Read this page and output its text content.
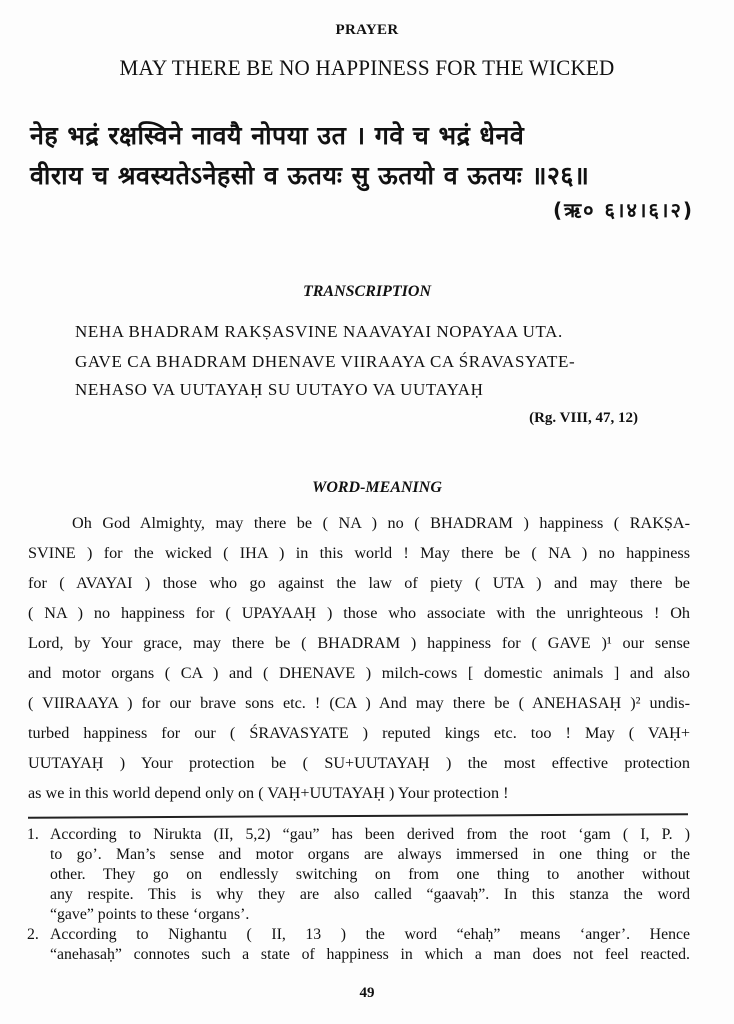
PRAYER
MAY THERE BE NO HAPPINESS FOR THE WICKED
नेह भद्रं रक्षस्विने नावयै नोपया उत । गवे च भद्रं धेनवे
वीराय च श्रवस्यतेऽनेहसो व ऊतयः सु ऊतयो व ऊतयः ॥२६॥
(ऋ० ६।४।६।२)
TRANSCRIPTION
NEHA BHADRAM RAKṢASVINE NAAVAYAI NOPAYAA UTA.
GAVE CA BHADRAM DHENAVE VIIRAAYA CA ŚRAVASYATE-
NEHASO VA UUTAYAḤ SU UUTAYO VA UUTAYAḤ
(Rg. VIII, 47, 12)
WORD-MEANING
Oh God Almighty, may there be ( NA ) no ( BHADRAM ) happiness ( RAKṢA-
SVINE ) for the wicked ( IHA ) in this world ! May there be ( NA ) no happiness
for ( AVAYAI ) those who go against the law of piety ( UTA ) and may there be
( NA ) no happiness for ( UPAYAAḤ ) those who associate with the unrighteous ! Oh
Lord, by Your grace, may there be ( BHADRAM ) happiness for ( GAVE )¹ our sense
and motor organs ( CA ) and ( DHENAVE ) milch-cows [ domestic animals ] and also
( VIIRAAYA ) for our brave sons etc. ! (CA ) And may there be ( ANEHASAḤ )² undis-
turbed happiness for our ( ŚRAVASYATE ) reputed kings etc. too ! May ( VAḤ+
UUTAYAḤ ) Your protection be ( SU+UUTAYAḤ ) the most effective protection
as we in this world depend only on ( VAḤ+UUTAYAḤ ) Your protection !
1. According to Nirukta (II, 5,2) “gau” has been derived from the root ‘gam ( I, P. )
to go’. Man’s sense and motor organs are always immersed in one thing or the
other. They go on endlessly switching on from one thing to another without
any respite. This is why they are also called “gaavaḥ”. In this stanza the word
“gave” points to these ‘organs’.
2. According to Nighantu ( II, 13 ) the word “ehaḥ” means ‘anger’. Hence
“anehasaḥ” connotes such a state of happiness in which a man does not feel reacted.
49
